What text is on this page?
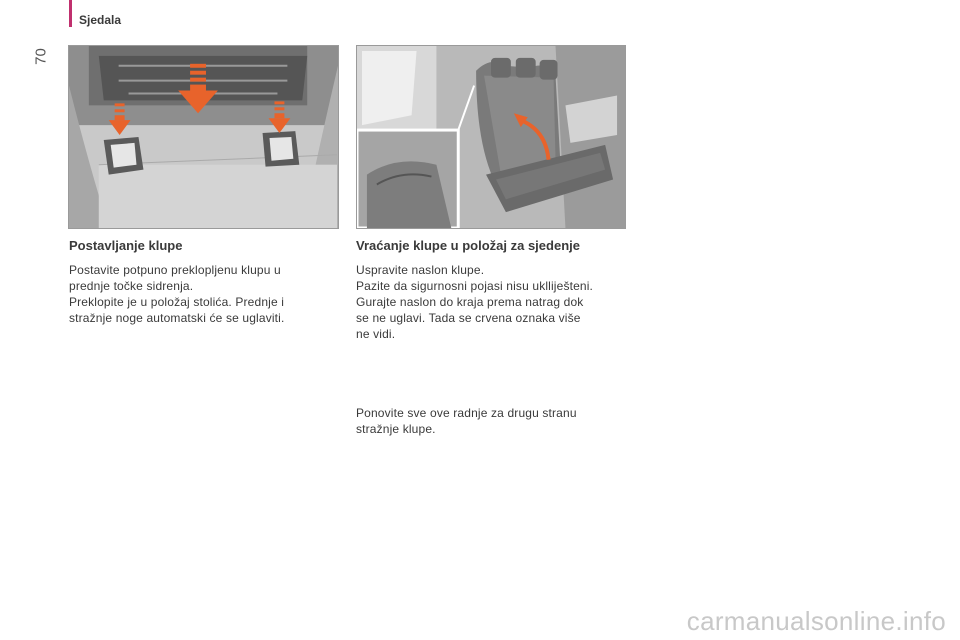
Sjedala
70
Postavljanje klupe

Postavite potpuno preklopljenu klupu u

prednje točke sidrenja.

Preklopite je u položaj stolića. Prednje i

stražnje noge automatski će se uglaviti.

Vraćanje klupe u položaj za sjedenje

Uspravite naslon klupe.

Pazite da sigurnosni pojasi nisu uklliješteni.

Gurajte naslon do kraja prema natrag dok

se ne uglavi. Tada se crvena oznaka više

ne vidi.

Ponovite sve ove radnje za drugu stranu

stražnje klupe.

carmanualsonline.info
